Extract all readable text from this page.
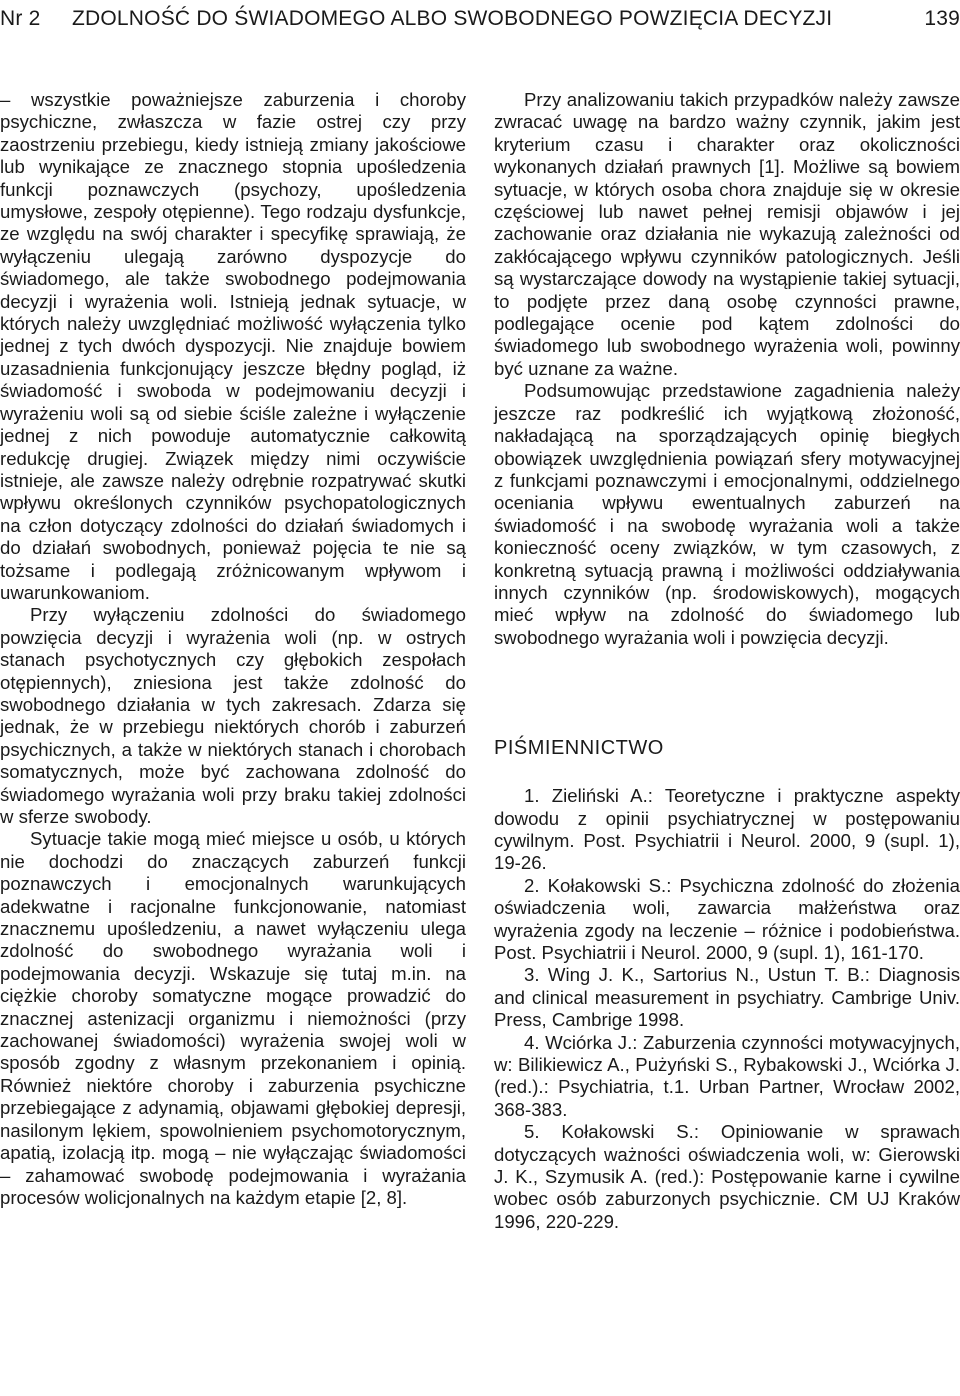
Nr 2 ZDOLNOŚĆ DO ŚWIADOMEGO ALBO SWOBODNEGO POWZIĘCIA DECYZJI	139

– wszystkie poważniejsze zaburzenia i choroby psychiczne, zwłaszcza w fazie ostrej czy przy zaostrzeniu przebiegu, kiedy istnieją zmiany jakościowe lub wynikające ze znacznego stopnia upośledzenia funkcji poznawczych (psychozy, upośledzenia umysłowe, zespoły otępienne). Tego rodzaju dysfunkcje, ze względu na swój charakter i specyfikę sprawiają, że wyłączeniu ulegają zarówno dyspozycje do świadomego, ale także swobodnego podejmowania decyzji i wyrażenia woli. Istnieją jednak sytuacje, w których należy uwzględniać możliwość wyłączenia tylko jednej z tych dwóch dyspozycji. Nie znajduje bowiem uzasadnienia funkcjonujący jeszcze błędny pogląd, iż świadomość i swoboda w podejmowaniu decyzji i wyrażeniu woli są od siebie ściśle zależne i wyłączenie jednej z nich powoduje automatycznie całkowitą redukcję drugiej. Związek między nimi oczywiście istnieje, ale zawsze należy odrębnie rozpatrywać skutki wpływu określonych czynników psychopatologicznych na człon dotyczący zdolności do działań świadomych i do działań swobodnych, ponieważ pojęcia te nie są tożsame i podlegają zróżnicowanym wpływom i uwarunkowaniom.

Przy wyłączeniu zdolności do świadomego powzięcia decyzji i wyrażenia woli (np. w ostrych stanach psychotycznych czy głębokich zespołach otępiennych), zniesiona jest także zdolność do swobodnego działania w tych zakresach. Zdarza się jednak, że w przebiegu niektórych chorób i zaburzeń psychicznych, a także w niektórych stanach i chorobach somatycznych, może być zachowana zdolność do świadomego wyrażania woli przy braku takiej zdolności w sferze swobody.

Sytuacje takie mogą mieć miejsce u osób, u których nie dochodzi do znaczących zaburzeń funkcji poznawczych i emocjonalnych warunkujących adekwatne i racjonalne funkcjonowanie, natomiast znacznemu upośledzeniu, a nawet wyłączeniu ulega zdolność do swobodnego wyrażania woli i podejmowania decyzji. Wskazuje się tutaj m.in. na ciężkie choroby somatyczne mogące prowadzić do znacznej astenizacji organizmu i niemożności (przy zachowanej świadomości) wyrażenia swojej woli w sposób zgodny z własnym przekonaniem i opinią. Również niektóre choroby i zaburzenia psychiczne przebiegające z adynamią, objawami głębokiej depresji, nasilonym lękiem, spowolnieniem psychomotorycznym, apatią, izolacją itp. mogą – nie wyłączając świadomości – zahamować swobodę podejmowania i wyrażania procesów wolicjonalnych na każdym etapie [2, 8].

Przy analizowaniu takich przypadków należy zawsze zwracać uwagę na bardzo ważny czynnik, jakim jest kryterium czasu i charakter oraz okoliczności wykonanych działań prawnych [1]. Możliwe są bowiem sytuacje, w których osoba chora znajduje się w okresie częściowej lub nawet pełnej remisji objawów i jej zachowanie oraz działania nie wykazują zależności od zakłócającego wpływu czynników patologicznych. Jeśli są wystarczające dowody na wystąpienie takiej sytuacji, to podjęte przez daną osobę czynności prawne, podlegające ocenie pod kątem zdolności do świadomego lub swobodnego wyrażenia woli, powinny być uznane za ważne.

Podsumowując przedstawione zagadnienia należy jeszcze raz podkreślić ich wyjątkową złożoność, nakładającą na sporządzających opinię biegłych obowiązek uwzględnienia powiązań sfery motywacyjnej z funkcjami poznawczymi i emocjonalnymi, oddzielnego oceniania wpływu ewentualnych zaburzeń na świadomość i na swobodę wyrażania woli a także konieczność oceny związków, w tym czasowych, z konkretną sytuacją prawną i możliwości oddziaływania innych czynników (np. środowiskowych), mogących mieć wpływ na zdolność do świadomego lub swobodnego wyrażania woli i powzięcia decyzji.

PIŚMIENNICTWO

1. Zieliński A.: Teoretyczne i praktyczne aspekty dowodu z opinii psychiatrycznej w postępowaniu cywilnym. Post. Psychiatrii i Neurol. 2000, 9 (supl. 1), 19-26.

2. Kołakowski S.: Psychiczna zdolność do złożenia oświadczenia woli, zawarcia małżeństwa oraz wyrażenia zgody na leczenie – różnice i podobieństwa. Post. Psychiatrii i Neurol. 2000, 9 (supl. 1), 161-170.

3. Wing J. K., Sartorius N., Ustun T. B.: Diagnosis and clinical measurement in psychiatry. Cambrige Univ. Press, Cambrige 1998.

4. Wciórka J.: Zaburzenia czynności motywacyjnych, w: Bilikiewicz A., Pużyński S., Rybakowski J., Wciórka J. (red.).: Psychiatria, t.1. Urban Partner, Wrocław 2002, 368-383.

5. Kołakowski S.: Opiniowanie w sprawach dotyczących ważności oświadczenia woli, w: Gierowski J. K., Szymusik A. (red.): Postępowanie karne i cywilne wobec osób zaburzonych psychicznie. CM UJ Kraków 1996, 220-229.
